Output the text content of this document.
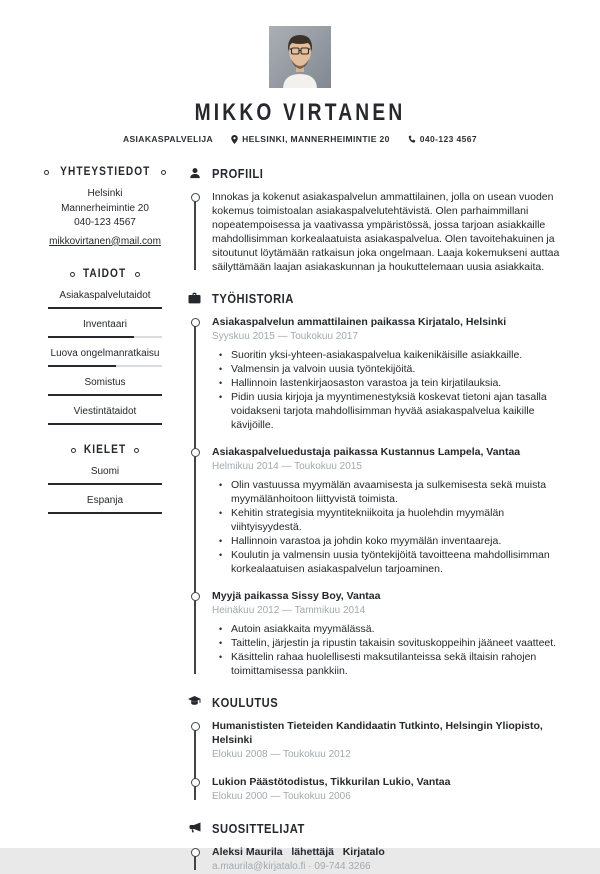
MIKKO VIRTANEN
ASIAKASPALVELIJA	HELSINKI, MANNERHEIMINTIE 20	040-123 4567
YHTEYSTIEDOT
Helsinki
Mannerheimintie 20
040-123 4567
mikkovirtanen@mail.com
TAIDOT
Asiakaspalvelutaidot
Inventaari
Luova ongelmanratkaisu
Somistus
Viestintätaidot
KIELET
Suomi
Espanja
PROFIILI

Innokas ja kokenut asiakaspalvelun ammattilainen, jolla on usean vuoden kokemus toimistoalan asiakaspalvelutehtävistä. Olen parhaimmillani nopeatempoisessa ja vaativassa ympäristössä, jossa tarjoan asiakkaille mahdollisimman korkealaatuista asiakaspalvelua. Olen tavoitehakuinen ja sitoutunut löytämään ratkaisun joka ongelmaan. Laaja kokemukseni auttaa säilyttämään laajan asiakaskunnan ja houkuttelemaan uusia asiakkaita.

TYÖHISTORIA
Asiakaspalvelun ammattilainen paikassa Kirjatalo, Helsinki
Syyskuu 2015 — Toukokuu 2017
• Suoritin yksi-yhteen-asiakaspalvelua kaikenikäisille asiakkaille.
• Valmensin ja valvoin uusia työntekijöitä.
• Hallinnoin lastenkirjaosaston varastoa ja tein kirjatilauksia.
• Pidin uusia kirjoja ja myyntimenestyksiä koskevat tietoni ajan tasalla voidakseni tarjota mahdollisimman hyvää asiakaspalvelua kaikille kävijöille.
Asiakaspalveluedustaja paikassa Kustannus Lampela, Vantaa
Helmikuu 2014 — Toukokuu 2015
• Olin vastuussa myymälän avaamisesta ja sulkemisesta sekä muista myymälänhoitoon liittyvistä toimista.
• Kehitin strategisia myyntitekniikoita ja huolehdin myymälän viihtyisyydestä.
• Hallinnoin varastoa ja johdin koko myymälän inventaareja.
• Koulutin ja valmensin uusia työntekijöitä tavoitteena mahdollisimman korkealaatuisen asiakaspalvelun tarjoaminen.
Myyjä paikassa Sissy Boy, Vantaa
Heinäkuu 2012 — Tammikuu 2014
• Autoin asiakkaita myymälässä.
• Taittelin, järjestin ja ripustin takaisin sovituskoppeihin jääneet vaatteet.
• Käsittelin rahaa huolellisesti maksutilanteissa sekä iltaisin rahojen toimittamisessa pankkiin.
KOULUTUS
Humanististen Tieteiden Kandidaatin Tutkinto, Helsingin Yliopisto, Helsinki
Elokuu 2008 — Toukokuu 2012
Lukion Päästötodistus, Tikkurilan Lukio, Vantaa
Elokuu 2000 — Toukokuu 2006
SUOSITTELIJAT
Aleksi Maurila   lähettäjä   Kirjatalo
a.maurila@kirjatalo.fi · 09-744 3266
